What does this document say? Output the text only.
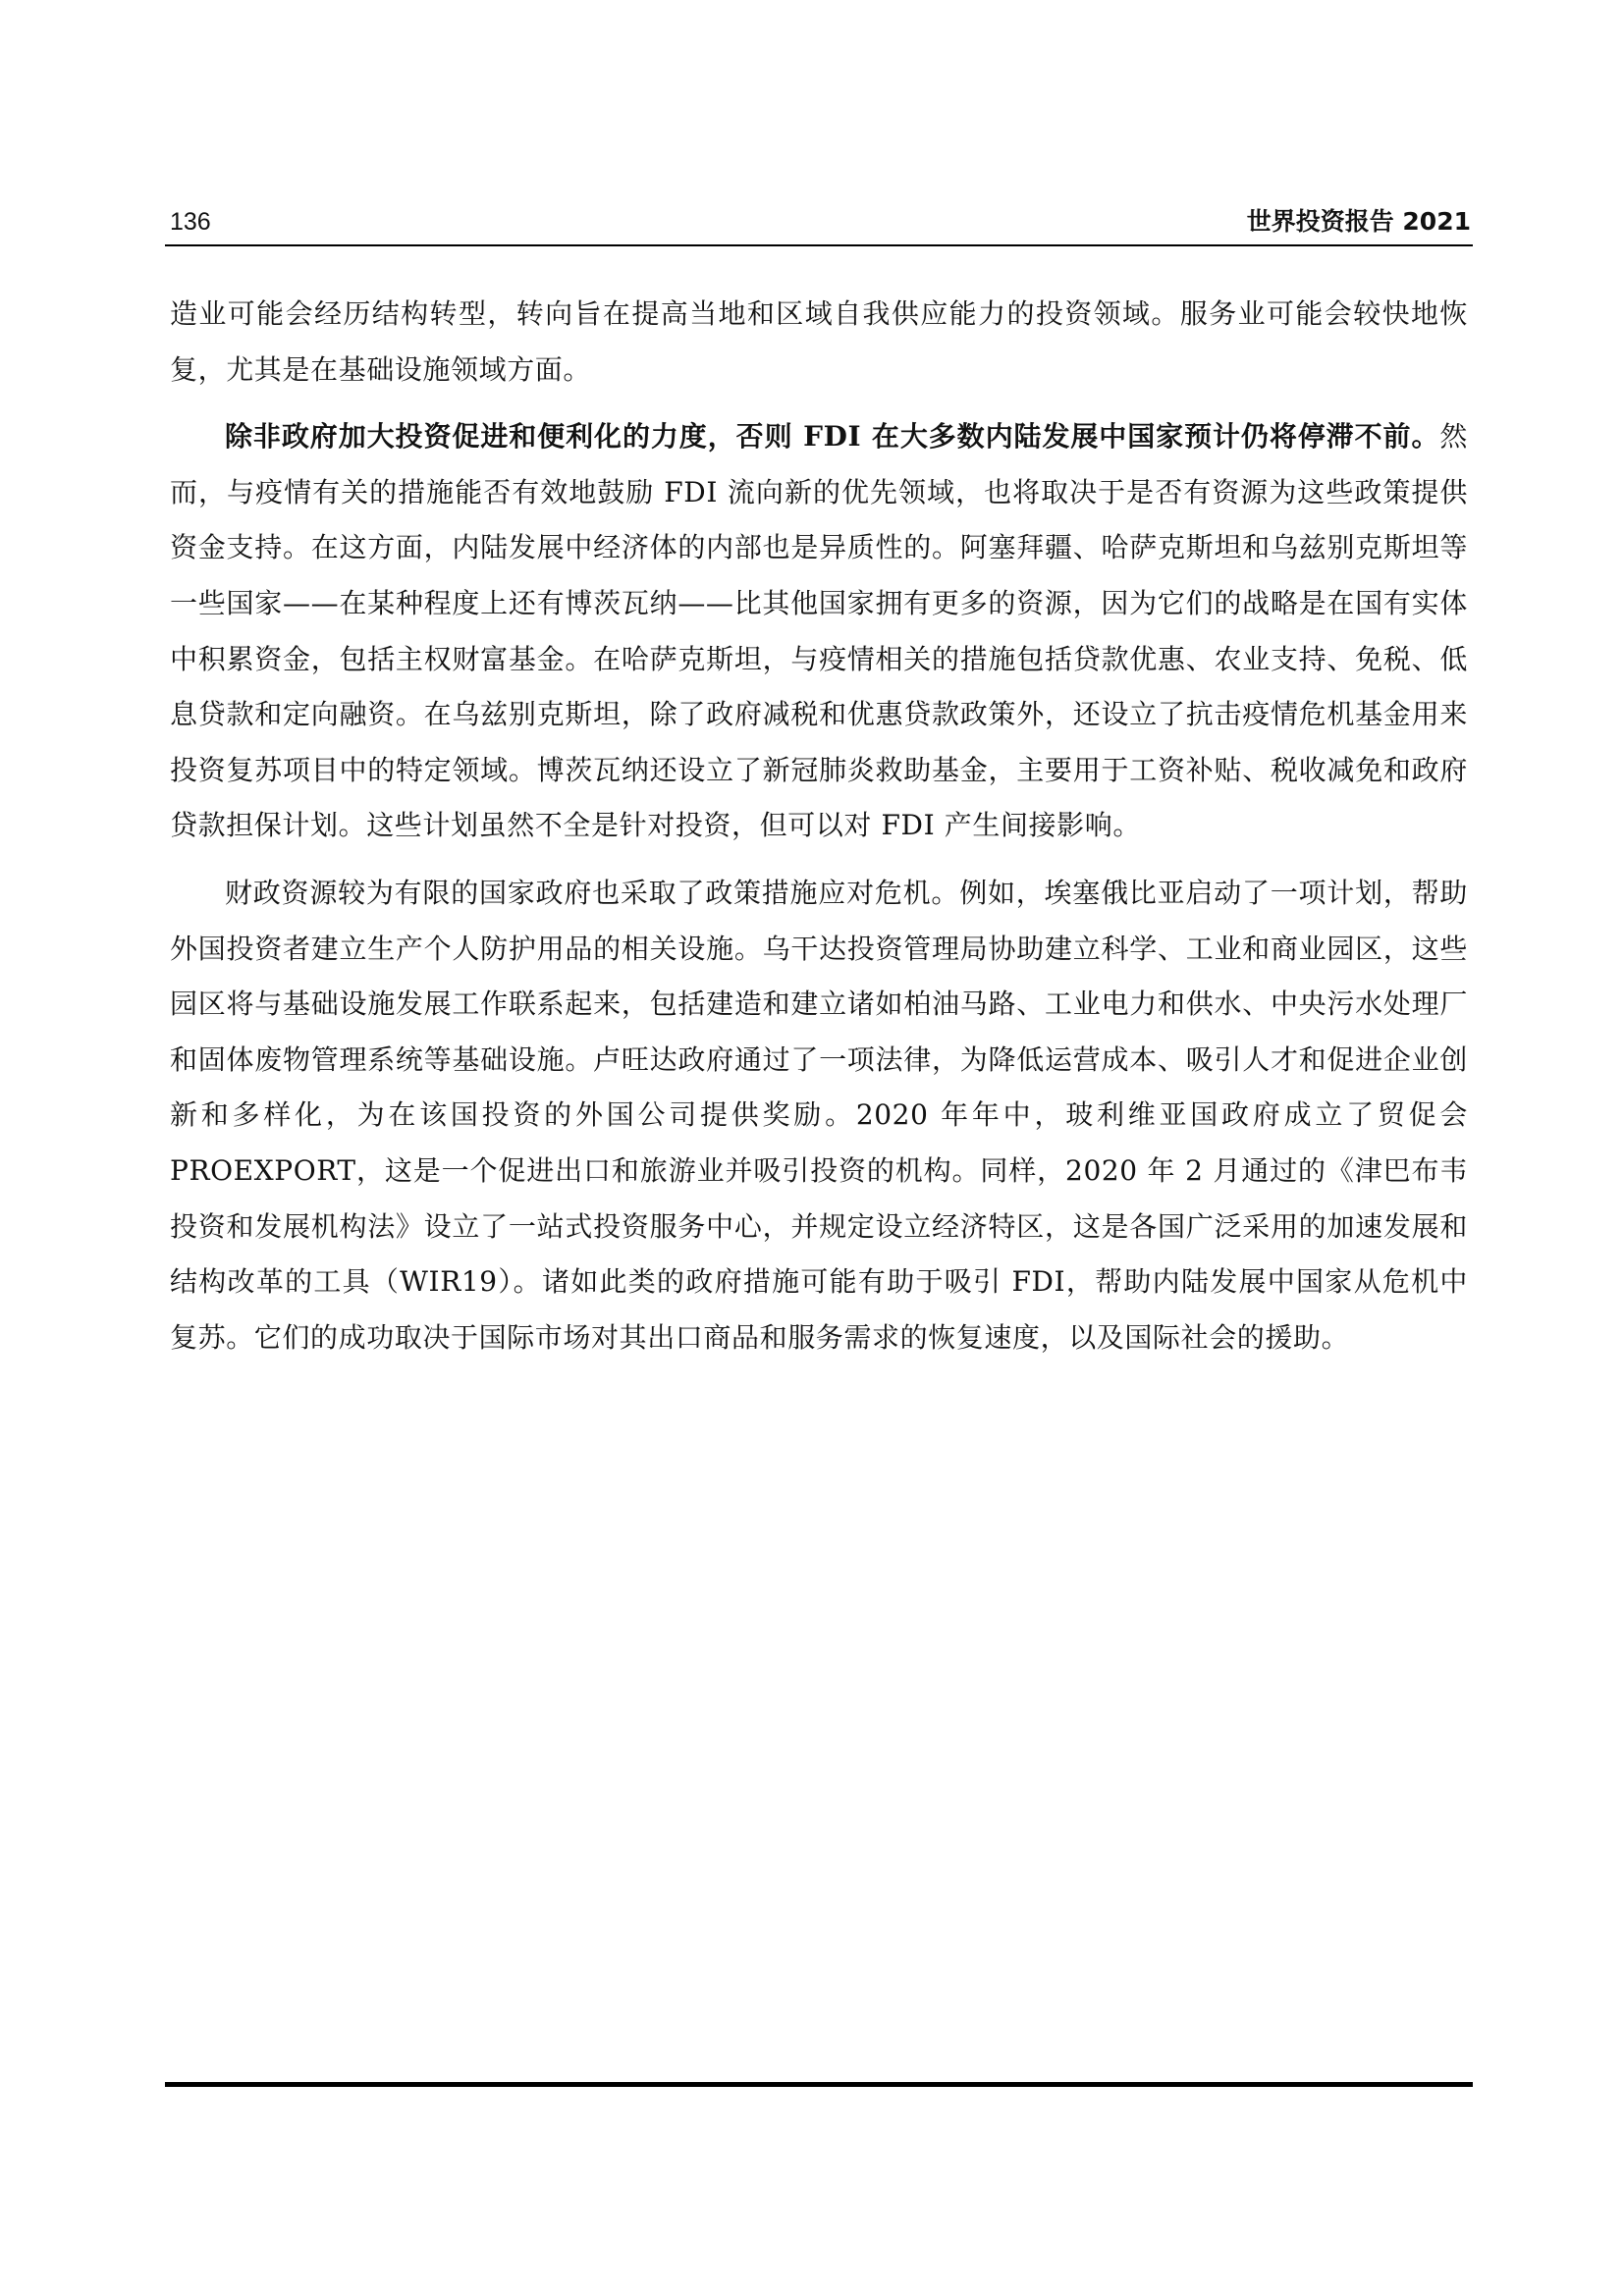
136	世界投资报告 2021

造业可能会经历结构转型，转向旨在提高当地和区域自我供应能力的投资领域。服务业可能会较快地恢复，尤其是在基础设施领域方面。

除非政府加大投资促进和便利化的力度，否则 FDI 在大多数内陆发展中国家预计仍将停滞不前。然而，与疫情有关的措施能否有效地鼓励 FDI 流向新的优先领域，也将取决于是否有资源为这些政策提供资金支持。在这方面，内陆发展中经济体的内部也是异质性的。阿塞拜疆、哈萨克斯坦和乌兹别克斯坦等一些国家——在某种程度上还有博茨瓦纳——比其他国家拥有更多的资源，因为它们的战略是在国有实体中积累资金，包括主权财富基金。在哈萨克斯坦，与疫情相关的措施包括贷款优惠、农业支持、免税、低息贷款和定向融资。在乌兹别克斯坦，除了政府减税和优惠贷款政策外，还设立了抗击疫情危机基金用来投资复苏项目中的特定领域。博茨瓦纳还设立了新冠肺炎救助基金，主要用于工资补贴、税收减免和政府贷款担保计划。这些计划虽然不全是针对投资，但可以对 FDI 产生间接影响。

财政资源较为有限的国家政府也采取了政策措施应对危机。例如，埃塞俄比亚启动了一项计划，帮助外国投资者建立生产个人防护用品的相关设施。乌干达投资管理局协助建立科学、工业和商业园区，这些园区将与基础设施发展工作联系起来，包括建造和建立诸如柏油马路、工业电力和供水、中央污水处理厂和固体废物管理系统等基础设施。卢旺达政府通过了一项法律，为降低运营成本、吸引人才和促进企业创新和多样化，为在该国投资的外国公司提供奖励。2020 年年中，玻利维亚国政府成立了贸促会 PROEXPORT，这是一个促进出口和旅游业并吸引投资的机构。同样，2020 年 2 月通过的《津巴布韦投资和发展机构法》设立了一站式投资服务中心，并规定设立经济特区，这是各国广泛采用的加速发展和结构改革的工具（WIR19）。诸如此类的政府措施可能有助于吸引 FDI，帮助内陆发展中国家从危机中复苏。它们的成功取决于国际市场对其出口商品和服务需求的恢复速度，以及国际社会的援助。
